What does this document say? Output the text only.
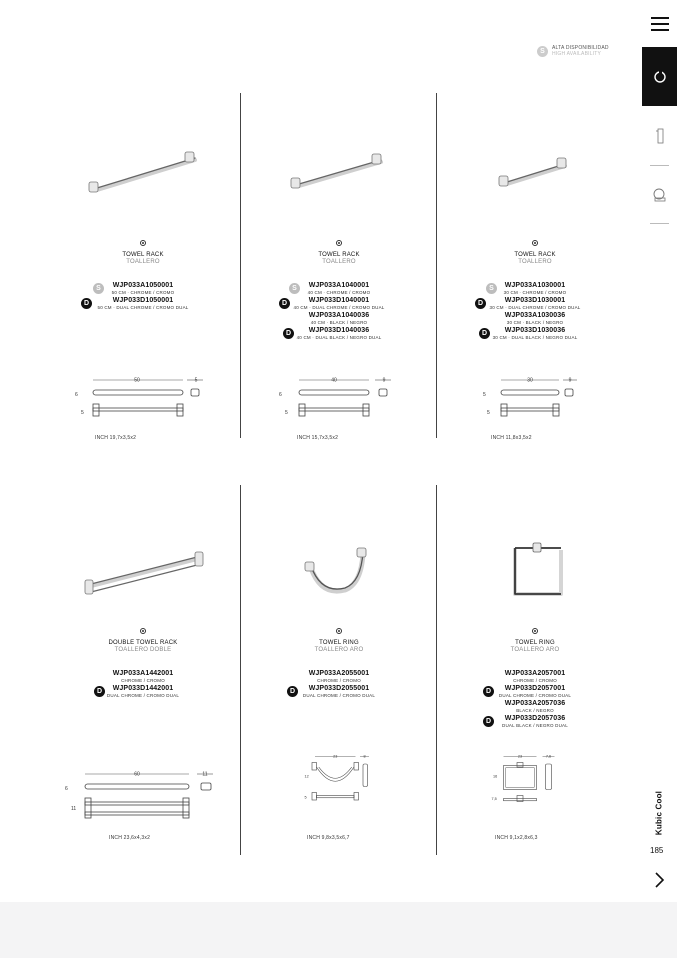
S	ALTA DISPONIBILIDAD
HIGH AVAILABILITY
TOWEL RACK
TOALLERO
S	WJP033A1050001
50 CM · CHROME / CROMO
D	WJP033D1050001
50 CM · DUAL CHROME / CROMO DUAL
50	5
6
5
INCH 19,7x3,5x2
TOWEL RACK
TOALLERO
S	WJP033A1040001
40 CM · CHROME / CROMO
D	WJP033D1040001
40 CM · DUAL CHROME / CROMO DUAL
WJP033A1040036
40 CM · BLACK / NEGRO
D	WJP033D1040036
40 CM · DUAL BLACK / NEGRO DUAL
40	9
6
5
INCH 15,7x3,5x2
TOWEL RACK
TOALLERO
S	WJP033A1030001
30 CM · CHROME / CROMO
D	WJP033D1030001
30 CM · DUAL CHROME / CROMO DUAL
WJP033A1030036
30 CM · BLACK / NEGRO
D	WJP033D1030036
30 CM · DUAL BLACK / NEGRO DUAL
30	9
5
5
INCH 11,8x3,5x2
DOUBLE TOWEL RACK
TOALLERO DOBLE
WJP033A1442001
CHROME / CROMO
D	WJP033D1442001
DUAL CHROME / CROMO DUAL
60	11
6
11
INCH 23,6x4,3x2
TOWEL RING
TOALLERO ARO
WJP033A2055001
CHROME / CROMO
D	WJP033D2055001
DUAL CHROME / CROMO DUAL
23	8
12
5
INCH 9,8x3,5x6,7
TOWEL RING
TOALLERO ARO
WJP033A2057001
CHROME / CROMO
D	WJP033D2057001
DUAL CHROME / CROMO DUAL
WJP033A2057036
BLACK / NEGRO
D	WJP033D2057036
DUAL BLACK / NEGRO DUAL
23	7,6
16
7,5
INCH 9,1x2,8x6,3
Kubic Cool
185
